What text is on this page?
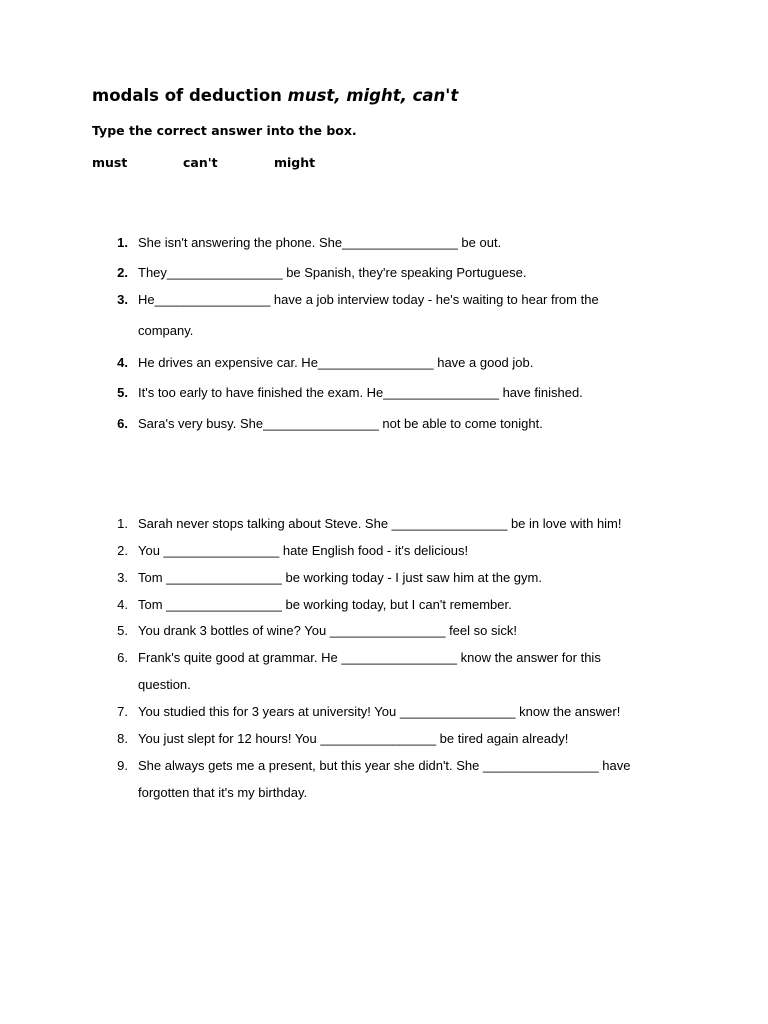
modals of deduction must, might, can't
Type the correct answer into the box.
must	can't	might
1. She isn't answering the phone. She________________ be out.
2. They________________ be Spanish, they're speaking Portuguese.
3. He________________ have a job interview today - he's waiting to hear from the
company.
4. He drives an expensive car. He________________ have a good job.
5. It's too early to have finished the exam. He________________ have finished.
6. Sara's very busy. She________________ not be able to come tonight.
1. Sarah never stops talking about Steve. She ________________ be in love with him!
2. You ________________ hate English food - it's delicious!
3. Tom ________________ be working today - I just saw him at the gym.
4. Tom ________________ be working today, but I can't remember.
5. You drank 3 bottles of wine? You ________________ feel so sick!
6. Frank's quite good at grammar. He ________________ know the answer for this
question.
7. You studied this for 3 years at university! You ________________ know the answer!
8. You just slept for 12 hours! You ________________ be tired again already!
9. She always gets me a present, but this year she didn't. She ________________ have
forgotten that it's my birthday.
